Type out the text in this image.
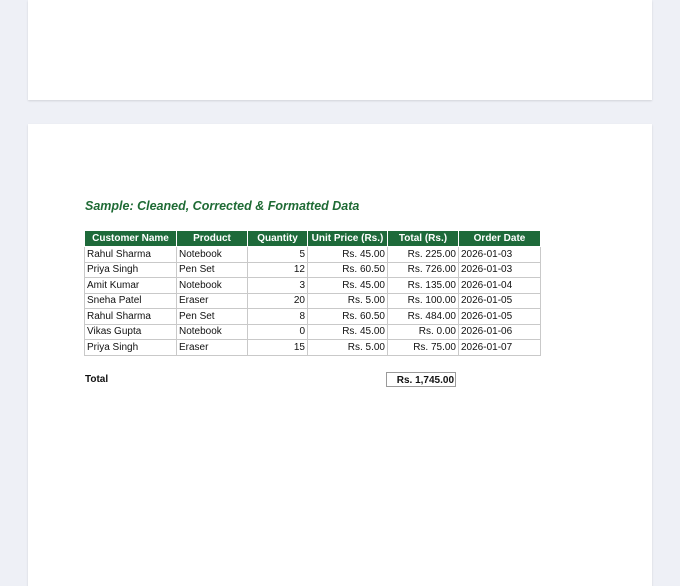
Sample: Cleaned, Corrected & Formatted Data
Customer Name	Product	Quantity	Unit Price (Rs.)	Total (Rs.)	Order Date
Rahul Sharma	Notebook	5	Rs. 45.00	Rs. 225.00	2026-01-03
Priya Singh	Pen Set	12	Rs. 60.50	Rs. 726.00	2026-01-03
Amit Kumar	Notebook	3	Rs. 45.00	Rs. 135.00	2026-01-04
Sneha Patel	Eraser	20	Rs. 5.00	Rs. 100.00	2026-01-05
Rahul Sharma	Pen Set	8	Rs. 60.50	Rs. 484.00	2026-01-05
Vikas Gupta	Notebook	0	Rs. 45.00	Rs. 0.00	2026-01-06
Priya Singh	Eraser	15	Rs. 5.00	Rs. 75.00	2026-01-07
Total	Rs. 1,745.00
